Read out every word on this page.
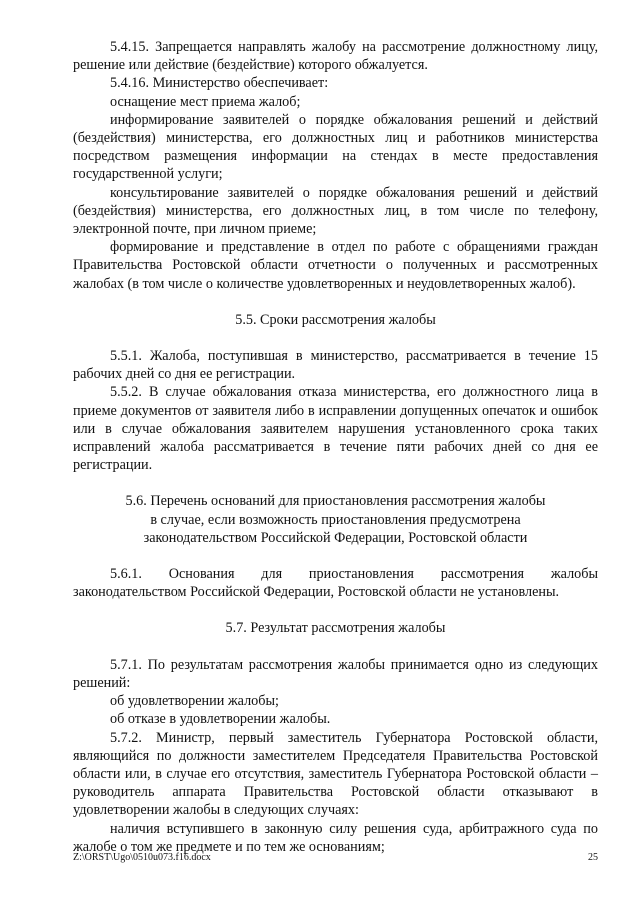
5.4.15. Запрещается направлять жалобу на рассмотрение должностному лицу, решение или действие (бездействие) которого обжалуется.

5.4.16. Министерство обеспечивает:

оснащение мест приема жалоб;

информирование заявителей о порядке обжалования решений и действий (бездействия) министерства, его должностных лиц и работников министерства посредством размещения информации на стендах в месте предоставления государственной услуги;

консультирование заявителей о порядке обжалования решений и действий (бездействия) министерства, его должностных лиц, в том числе по телефону, электронной почте, при личном приеме;

формирование и представление в отдел по работе с обращениями граждан Правительства Ростовской области отчетности о полученных и рассмотренных жалобах (в том числе о количестве удовлетворенных и неудовлетворенных жалоб).

5.5. Сроки рассмотрения жалобы

5.5.1. Жалоба, поступившая в министерство, рассматривается в течение 15 рабочих дней со дня ее регистрации.

5.5.2. В случае обжалования отказа министерства, его должностного лица в приеме документов от заявителя либо в исправлении допущенных опечаток и ошибок или в случае обжалования заявителем нарушения установленного срока таких исправлений жалоба рассматривается в течение пяти рабочих дней со дня ее регистрации.

5.6. Перечень оснований для приостановления рассмотрения жалобы

в случае, если возможность приостановления предусмотрена

законодательством Российской Федерации, Ростовской области

5.6.1. Основания для приостановления рассмотрения жалобы законодательством Российской Федерации, Ростовской области не установлены.

5.7. Результат рассмотрения жалобы

5.7.1. По результатам рассмотрения жалобы принимается одно из следующих решений:

об удовлетворении жалобы;

об отказе в удовлетворении жалобы.

5.7.2. Министр, первый заместитель Губернатора Ростовской области, являющийся по должности заместителем Председателя Правительства Ростовской области или, в случае его отсутствия, заместитель Губернатора Ростовской области – руководитель аппарата Правительства Ростовской области отказывают в удовлетворении жалобы в следующих случаях:

наличия вступившего в законную силу решения суда, арбитражного суда по жалобе о том же предмете и по тем же основаниям;

Z:\ORST\Ugo\0510u073.f16.docx	25
